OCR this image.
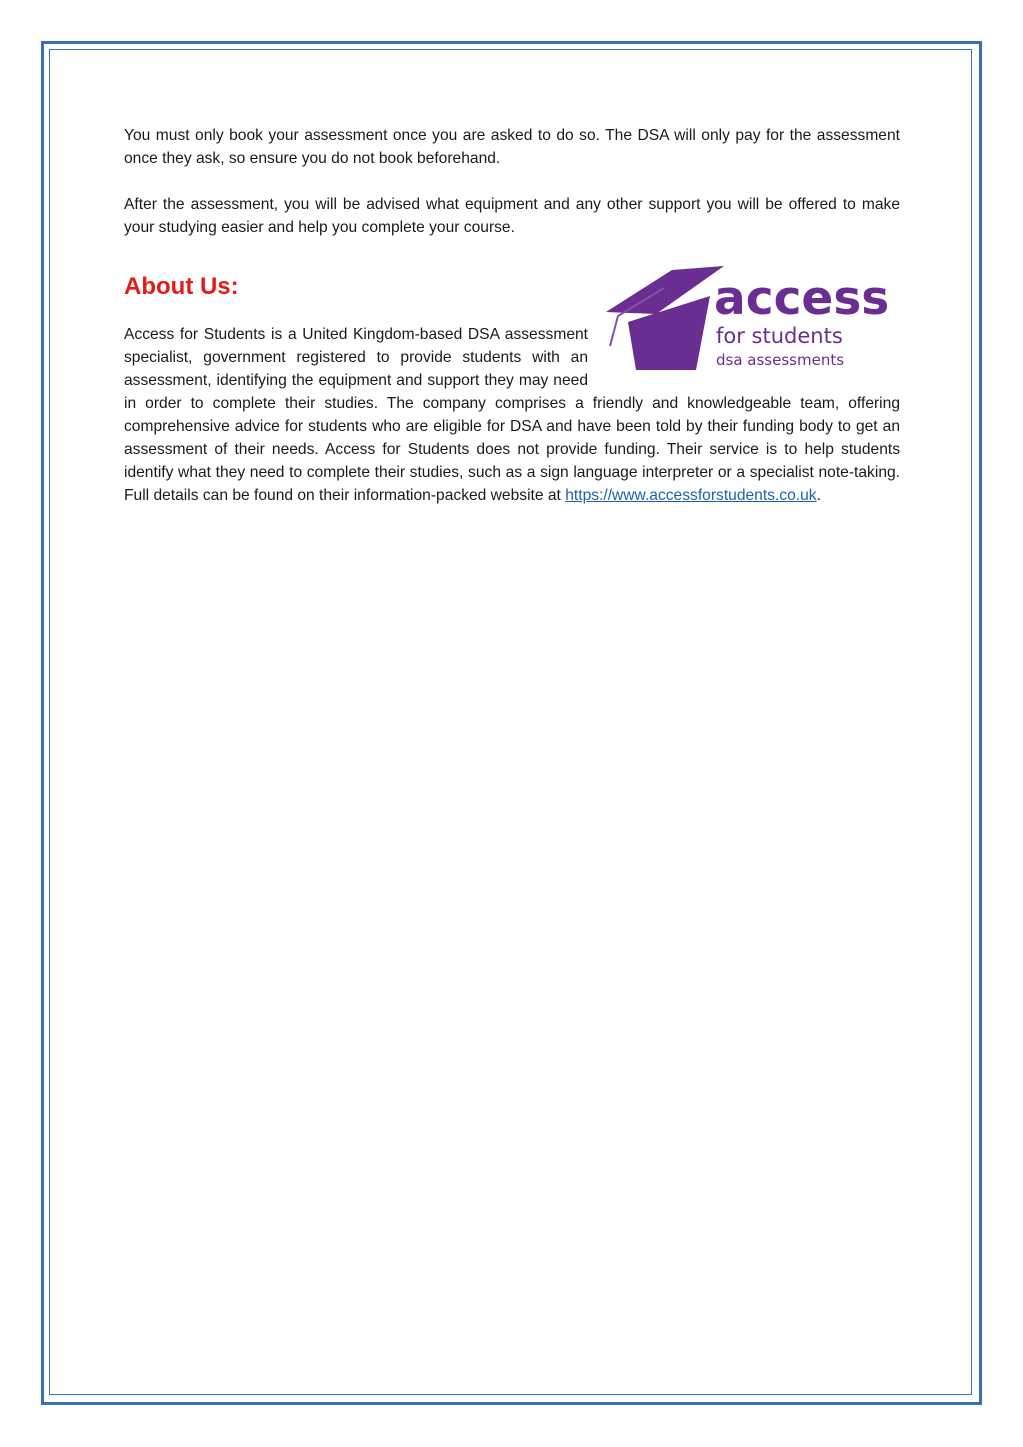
You must only book your assessment once you are asked to do so. The DSA will only pay for the assessment once they ask, so ensure you do not book beforehand.

After the assessment, you will be advised what equipment and any other support you will be offered to make your studying easier and help you complete your course.

About Us:	access
for students
dsa assessments

Access for Students is a United Kingdom-based DSA assessment specialist, government registered to provide students with an assessment, identifying the equipment and support they may need in order to complete their studies. The company comprises a friendly and knowledgeable team, offering comprehensive advice for students who are eligible for DSA and have been told by their funding body to get an assessment of their needs. Access for Students does not provide funding. Their service is to help students identify what they need to complete their studies, such as a sign language interpreter or a specialist note-taking. Full details can be found on their information-packed website at https://www.accessforstudents.co.uk.
